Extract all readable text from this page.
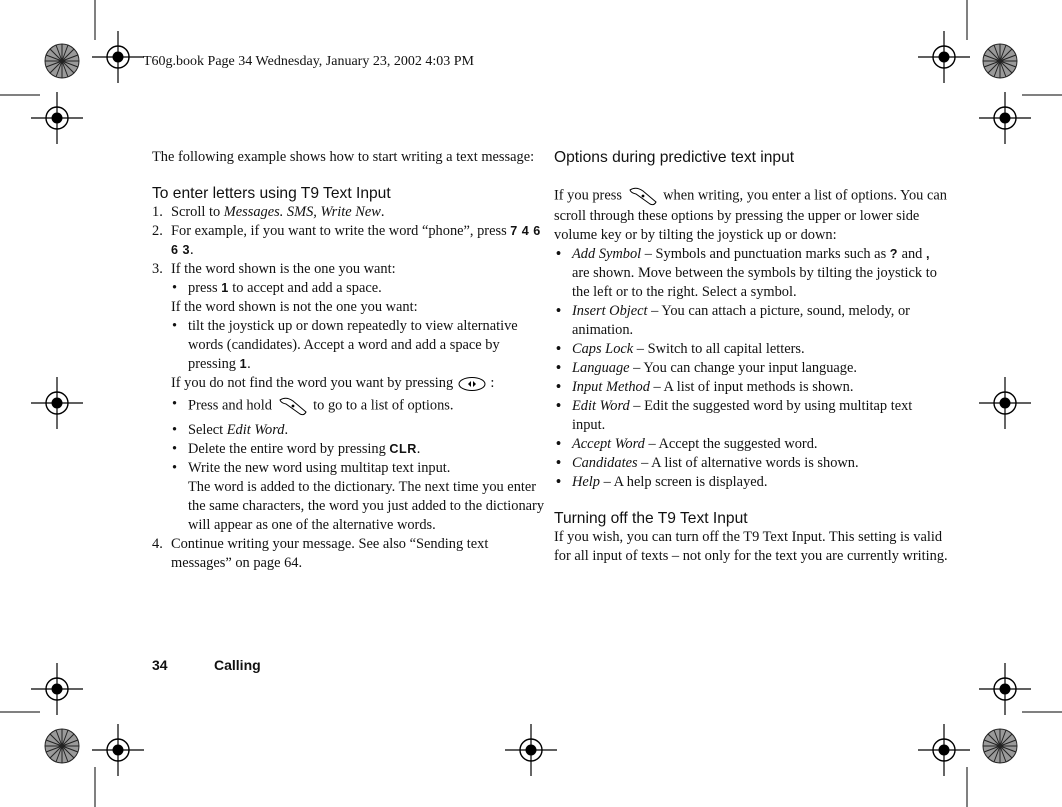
T60g.book Page 34 Wednesday, January 23, 2002 4:03 PM

The following example shows how to start writing a text message:

To enter letters using T9 Text Input

1. Scroll to Messages. SMS, Write New.
2. For example, if you want to write the word “phone”, press 7 4 6 6 3.
3. If the word shown is the one you want:
• press 1 to accept and add a space.
If the word shown is not the one you want:
• tilt the joystick up or down repeatedly to view alternative words (candidates). Accept a word and add a space by pressing 1.
If you do not find the word you want by pressing
:
• Press and hold	to go to a list of options.
• Select Edit Word.
• Delete the entire word by pressing CLR.
• Write the new word using multitap text input.
The word is added to the dictionary. The next time you enter the same characters, the word you just added to the dictionary will appear as one of the alternative words.
4. Continue writing your message. See also “Sending text messages” on page 64.

Options during predictive text input

If you press	when writing, you enter a list of options. You can scroll through these options by pressing the upper or lower side volume key or by tilting the joystick up or down:

• Add Symbol – Symbols and punctuation marks such as ? and , are shown. Move between the symbols by tilting the joystick to the left or to the right. Select a symbol.
• Insert Object – You can attach a picture, sound, melody, or animation.
• Caps Lock – Switch to all capital letters.
• Language – You can change your input language.
• Input Method – A list of input methods is shown.
• Edit Word – Edit the suggested word by using multitap text input.
• Accept Word – Accept the suggested word.
• Candidates – A list of alternative words is shown.
• Help – A help screen is displayed.

Turning off the T9 Text Input

If you wish, you can turn off the T9 Text Input. This setting is valid for all input of texts – not only for the text you are currently writing.

34	Calling
